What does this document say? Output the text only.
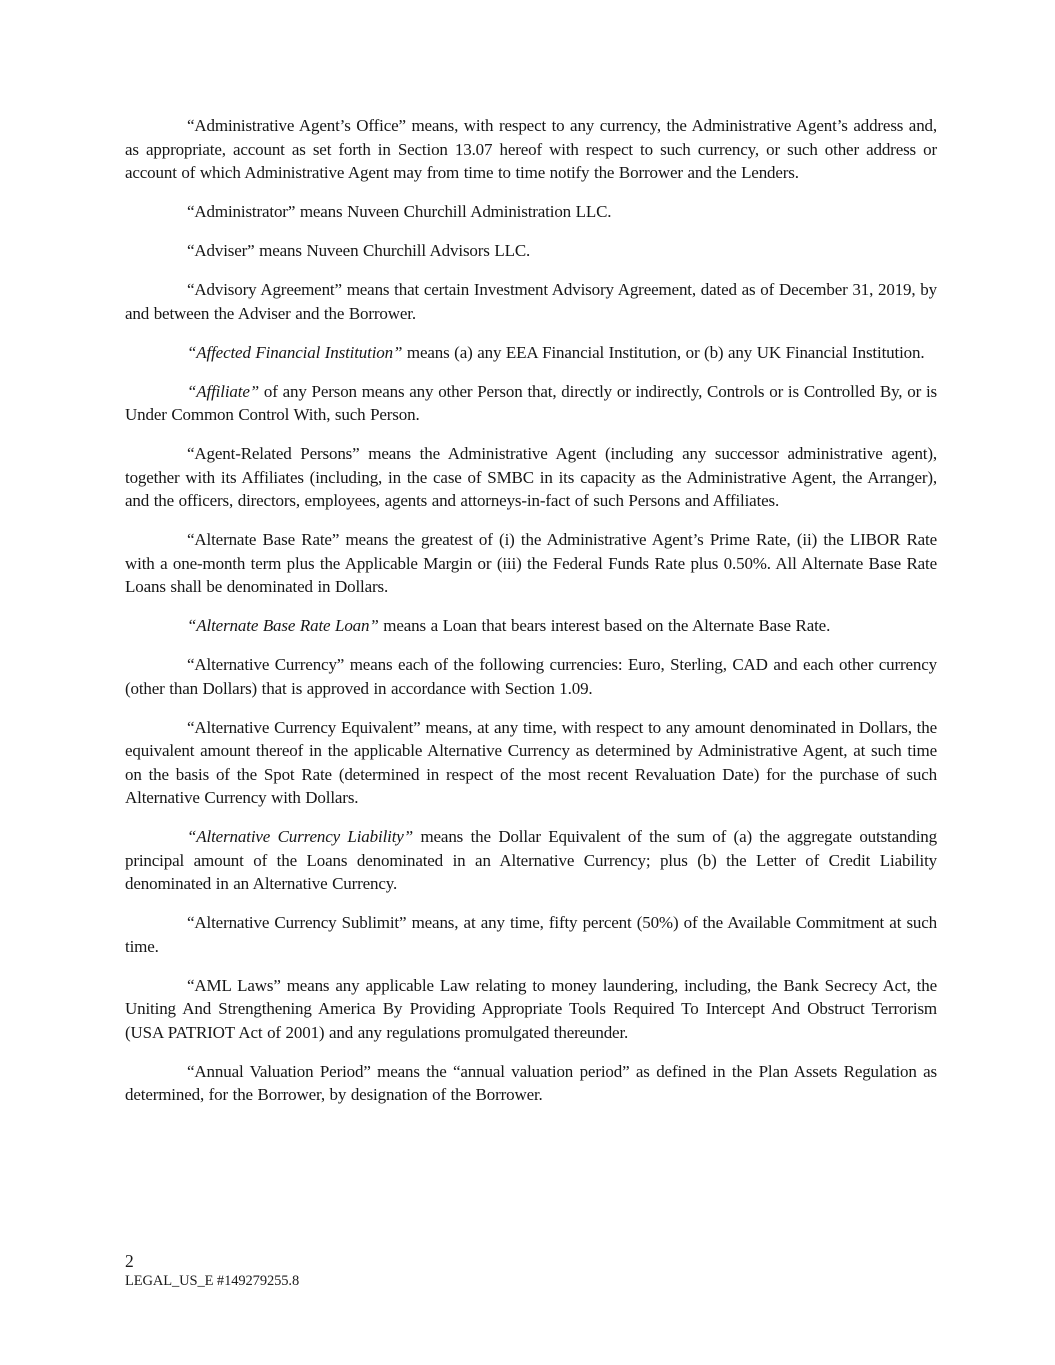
“Administrative Agent’s Office” means, with respect to any currency, the Administrative Agent’s address and, as appropriate, account as set forth in Section 13.07 hereof with respect to such currency, or such other address or account of which Administrative Agent may from time to time notify the Borrower and the Lenders.

“Administrator” means Nuveen Churchill Administration LLC.

“Adviser” means Nuveen Churchill Advisors LLC.

“Advisory Agreement” means that certain Investment Advisory Agreement, dated as of December 31, 2019, by and between the Adviser and the Borrower.

“Affected Financial Institution” means (a) any EEA Financial Institution, or (b) any UK Financial Institution.

“Affiliate” of any Person means any other Person that, directly or indirectly, Controls or is Controlled By, or is Under Common Control With, such Person.

“Agent-Related Persons” means the Administrative Agent (including any successor administrative agent), together with its Affiliates (including, in the case of SMBC in its capacity as the Administrative Agent, the Arranger), and the officers, directors, employees, agents and attorneys-in-fact of such Persons and Affiliates.

“Alternate Base Rate” means the greatest of (i) the Administrative Agent’s Prime Rate, (ii) the LIBOR Rate with a one-month term plus the Applicable Margin or (iii) the Federal Funds Rate plus 0.50%. All Alternate Base Rate Loans shall be denominated in Dollars.

“Alternate Base Rate Loan” means a Loan that bears interest based on the Alternate Base Rate.

“Alternative Currency” means each of the following currencies: Euro, Sterling, CAD and each other currency (other than Dollars) that is approved in accordance with Section 1.09.

“Alternative Currency Equivalent” means, at any time, with respect to any amount denominated in Dollars, the equivalent amount thereof in the applicable Alternative Currency as determined by Administrative Agent, at such time on the basis of the Spot Rate (determined in respect of the most recent Revaluation Date) for the purchase of such Alternative Currency with Dollars.

“Alternative Currency Liability” means the Dollar Equivalent of the sum of (a) the aggregate outstanding principal amount of the Loans denominated in an Alternative Currency; plus (b) the Letter of Credit Liability denominated in an Alternative Currency.

“Alternative Currency Sublimit” means, at any time, fifty percent (50%) of the Available Commitment at such time.

“AML Laws” means any applicable Law relating to money laundering, including, the Bank Secrecy Act, the Uniting And Strengthening America By Providing Appropriate Tools Required To Intercept And Obstruct Terrorism (USA PATRIOT Act of 2001) and any regulations promulgated thereunder.

“Annual Valuation Period” means the “annual valuation period” as defined in the Plan Assets Regulation as determined, for the Borrower, by designation of the Borrower.

2
LEGAL_US_E #149279255.8
